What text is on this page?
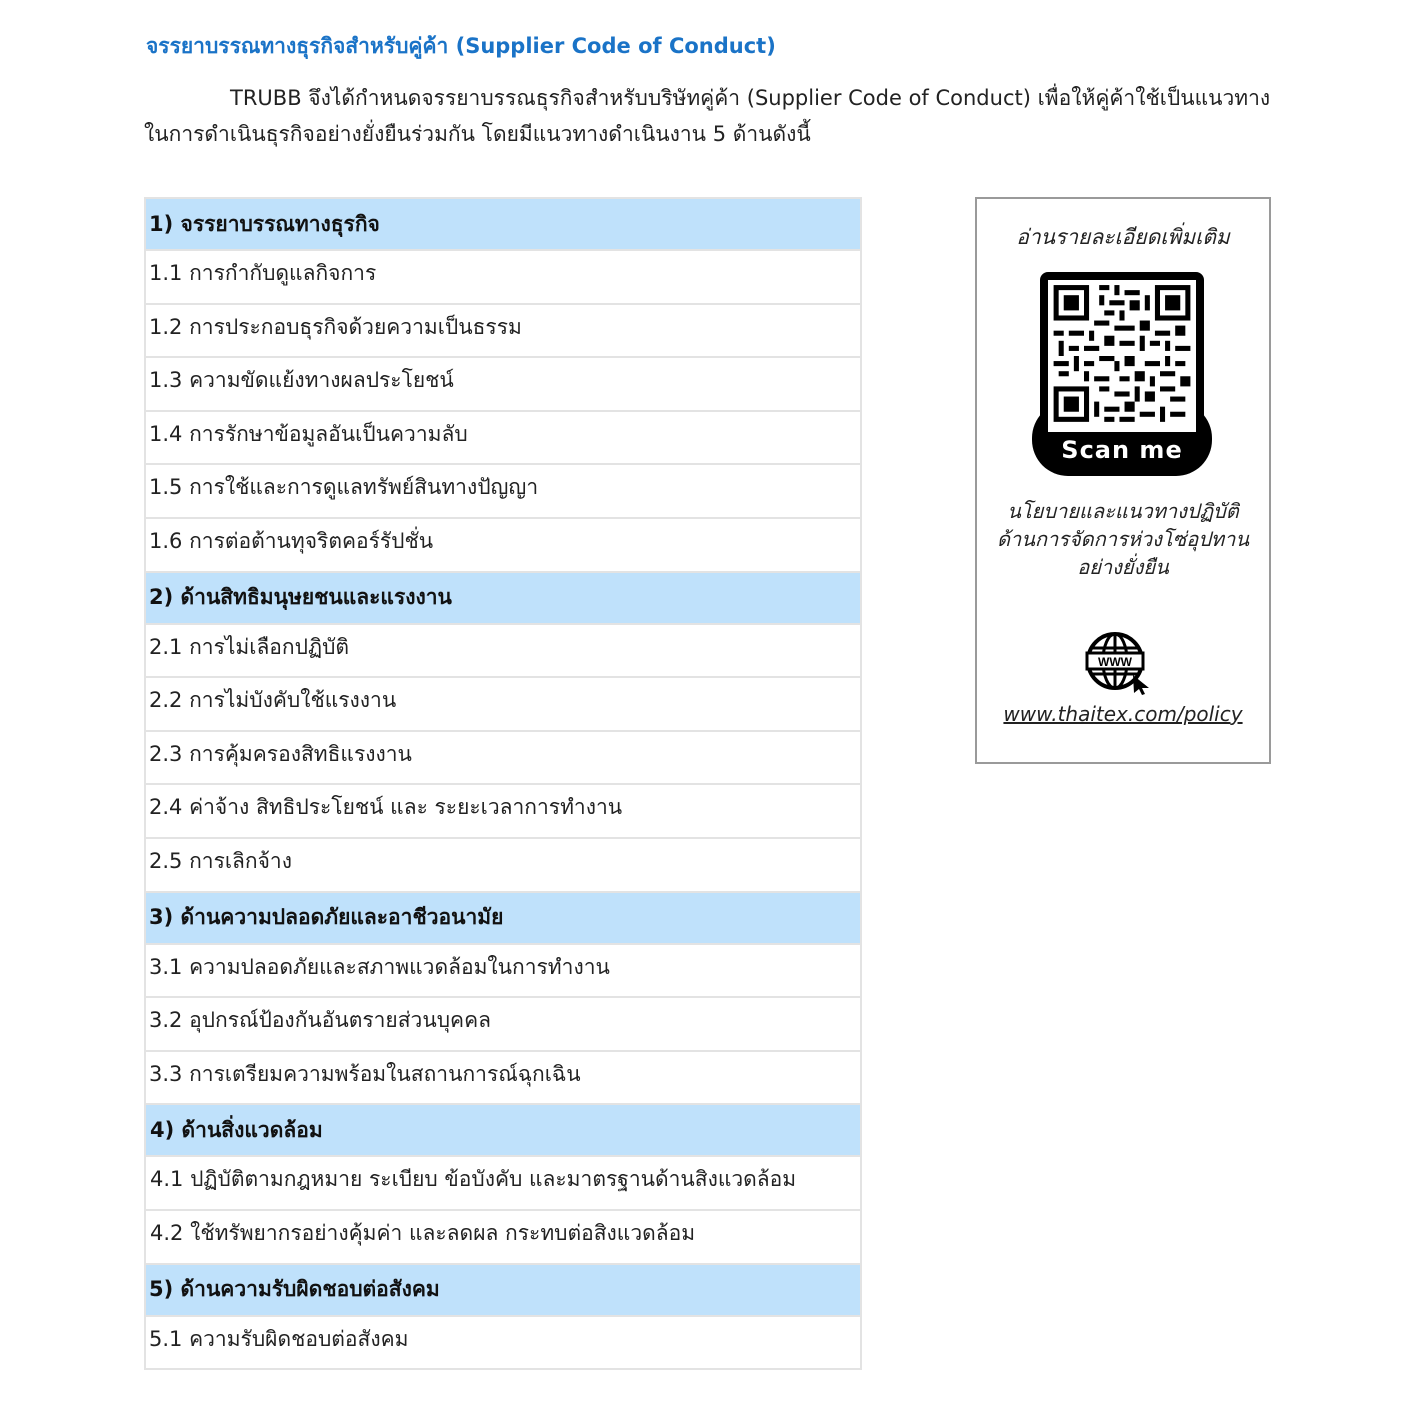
จรรยาบรรณทางธุรกิจสำหรับคู่ค้า (Supplier Code of Conduct)
TRUBB จึงได้กำหนดจรรยาบรรณธุรกิจสำหรับบริษัทคู่ค้า (Supplier Code of Conduct) เพื่อให้คู่ค้าใช้เป็นแนวทางในการดำเนินธุรกิจอย่างยั่งยืนร่วมกัน โดยมีแนวทางดำเนินงาน 5 ด้านดังนี้
1) จรรยาบรรณทางธุรกิจ
1.1 การกำกับดูแลกิจการ
1.2 การประกอบธุรกิจด้วยความเป็นธรรม
1.3 ความขัดแย้งทางผลประโยชน์
1.4 การรักษาข้อมูลอันเป็นความลับ
1.5 การใช้และการดูแลทรัพย์สินทางปัญญา
1.6 การต่อต้านทุจริตคอร์รัปชั่น
2) ด้านสิทธิมนุษยชนและแรงงาน
2.1 การไม่เลือกปฏิบัติ
2.2 การไม่บังคับใช้แรงงาน
2.3 การคุ้มครองสิทธิแรงงาน
2.4 ค่าจ้าง สิทธิประโยชน์ และ ระยะเวลาการทำงาน
2.5 การเลิกจ้าง
3) ด้านความปลอดภัยและอาชีวอนามัย
3.1 ความปลอดภัยและสภาพแวดล้อมในการทำงาน
3.2 อุปกรณ์ป้องกันอันตรายส่วนบุคคล
3.3 การเตรียมความพร้อมในสถานการณ์ฉุกเฉิน
4) ด้านสิ่งแวดล้อม
4.1 ปฏิบัติตามกฎหมาย ระเบียบ ข้อบังคับ และมาตรฐานด้านสิงแวดล้อม
4.2 ใช้ทรัพยากรอย่างคุ้มค่า และลดผล กระทบต่อสิงแวดล้อม
5) ด้านความรับผิดชอบต่อสังคม
5.1 ความรับผิดชอบต่อสังคม
อ่านรายละเอียดเพิ่มเติม
Scan me
นโยบายและแนวทางปฏิบัติ
ด้านการจัดการห่วงโซ่อุปทาน
อย่างยั่งยืน
WWW
www.thaitex.com/policy
